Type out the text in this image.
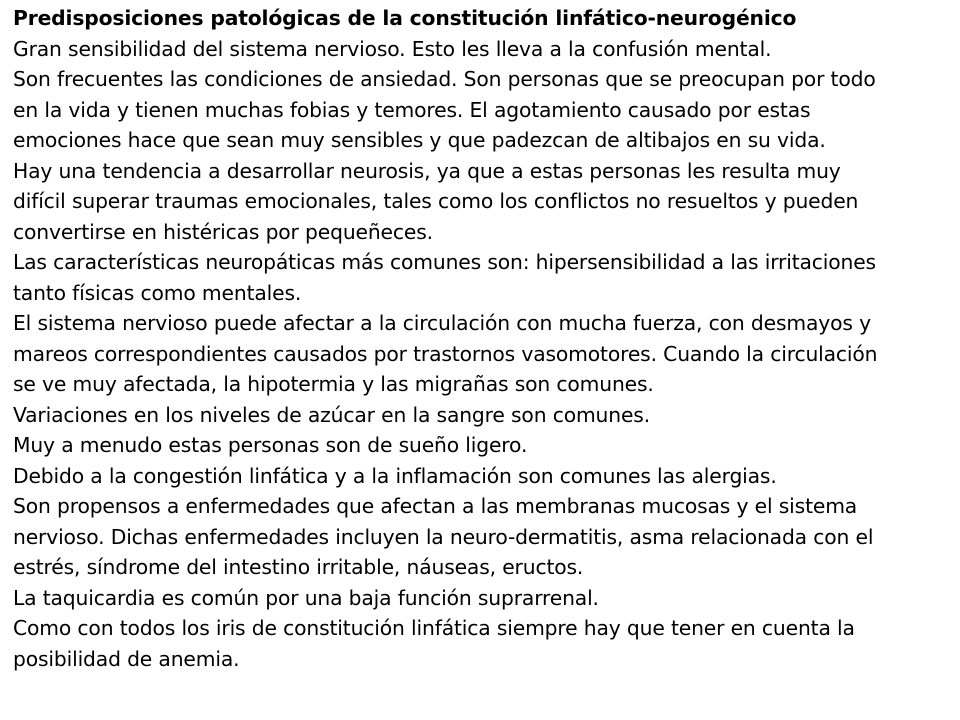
Predisposiciones patológicas de la constitución linfático-neurogénico
Gran sensibilidad del sistema nervioso. Esto les lleva a la confusión mental.
Son frecuentes las condiciones de ansiedad. Son personas que se preocupan por todo
en la vida y tienen muchas fobias y temores. El agotamiento causado por estas
emociones hace que sean muy sensibles y que padezcan de altibajos en su vida.
Hay una tendencia a desarrollar neurosis, ya que a estas personas les resulta muy
difícil superar traumas emocionales, tales como los conflictos no resueltos y pueden
convertirse en histéricas por pequeñeces.
Las características neuropáticas más comunes son: hipersensibilidad a las irritaciones
tanto físicas como mentales.
El sistema nervioso puede afectar a la circulación con mucha fuerza, con desmayos y
mareos correspondientes causados por trastornos vasomotores. Cuando la circulación
se ve muy afectada, la hipotermia y las migrañas son comunes.
Variaciones en los niveles de azúcar en la sangre son comunes.
Muy a menudo estas personas son de sueño ligero.
Debido a la congestión linfática y a la inflamación son comunes las alergias.
Son propensos a enfermedades que afectan a las membranas mucosas y el sistema
nervioso. Dichas enfermedades incluyen la neuro-dermatitis, asma relacionada con el
estrés, síndrome del intestino irritable, náuseas, eructos.
La taquicardia es común por una baja función suprarrenal.
Como con todos los iris de constitución linfática siempre hay que tener en cuenta la
posibilidad de anemia.
